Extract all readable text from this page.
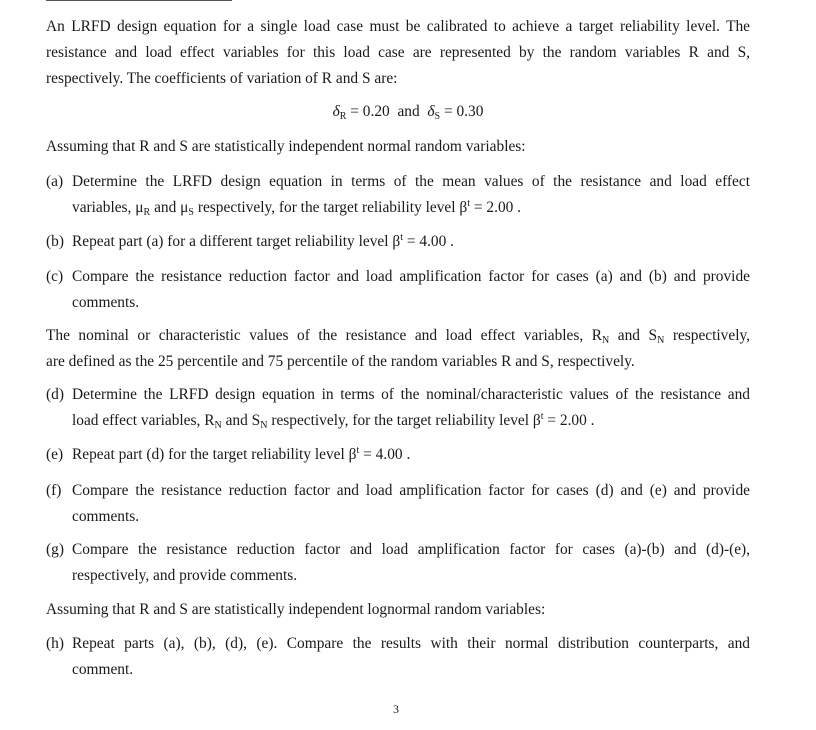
An LRFD design equation for a single load case must be calibrated to achieve a target reliability level. The
resistance and load effect variables for this load case are represented by the random variables R and S,
respectively. The coefficients of variation of R and S are:
$\delta_R = 0.20$ and $\delta_S = 0.30$
Assuming that R and S are statistically independent normal random variables:
(a) Determine the LRFD design equation in terms of the mean values of the resistance and load effect
variables, $\mu_R$ and $\mu_S$ respectively, for the target reliability level $\beta^t = 2.00$ .
(b) Repeat part (a) for a different target reliability level $\beta^t = 4.00$ .
(c) Compare the resistance reduction factor and load amplification factor for cases (a) and (b) and provide
comments.
The nominal or characteristic values of the resistance and load effect variables, $R_N$ and $S_N$ respectively,
are defined as the 25 percentile and 75 percentile of the random variables R and S, respectively.
(d) Determine the LRFD design equation in terms of the nominal/characteristic values of the resistance and
load effect variables, $R_N$ and $S_N$ respectively, for the target reliability level $\beta^t = 2.00$ .
(e) Repeat part (d) for the target reliability level $\beta^t = 4.00$ .
(f) Compare the resistance reduction factor and load amplification factor for cases (d) and (e) and provide
comments.
(g) Compare the resistance reduction factor and load amplification factor for cases (a)-(b) and (d)-(e),
respectively, and provide comments.
Assuming that R and S are statistically independent lognormal random variables:
(h) Repeat parts (a), (b), (d), (e). Compare the results with their normal distribution counterparts, and
comment.
3
